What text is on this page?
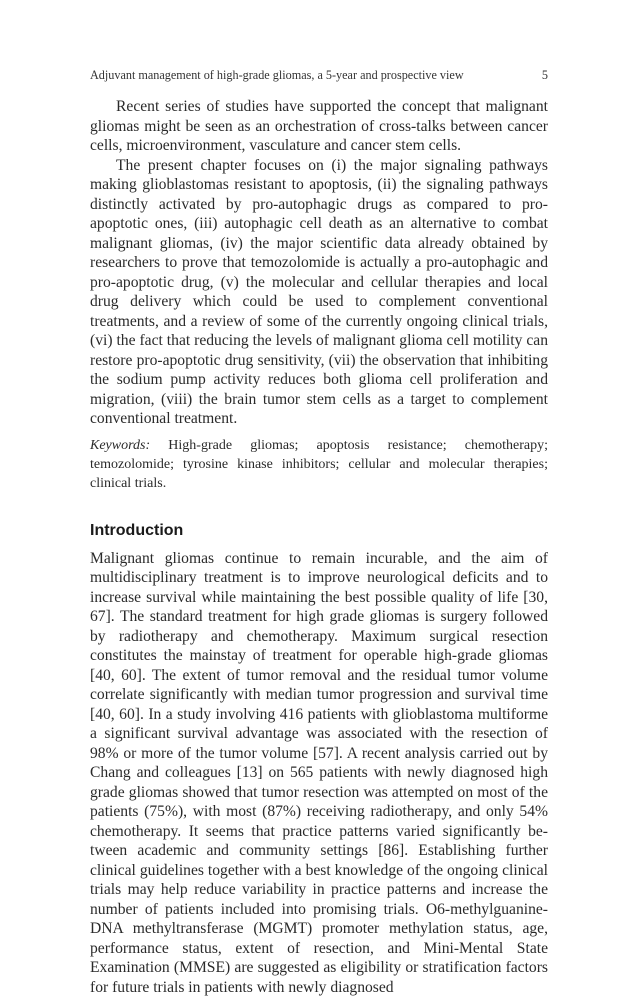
Adjuvant management of high-grade gliomas, a 5-year and prospective view	5

Recent series of studies have supported the concept that malignant gliomas might be seen as an orchestration of cross-talks between cancer cells, microenvironment, vasculature and cancer stem cells.

The present chapter focuses on (i) the major signaling pathways making glioblastomas resistant to apoptosis, (ii) the signaling pathways distinctly activated by pro-autophagic drugs as compared to pro-apoptotic ones, (iii) autophagic cell death as an alternative to combat malignant gliomas, (iv) the major scientific data already obtained by researchers to prove that temozolomide is actually a pro-autophagic and pro-apoptotic drug, (v) the molecular and cellular therapies and local drug delivery which could be used to complement conventional treatments, and a review of some of the currently ongoing clinical trials, (vi) the fact that reducing the levels of malignant glioma cell motility can restore pro-apoptotic drug sensitivity, (vii) the observation that inhibiting the sodium pump activity reduces both glioma cell proliferation and migration, (viii) the brain tumor stem cells as a target to complement conventional treatment.

Keywords: High-grade gliomas; apoptosis resistance; chemotherapy; temozolomide; tyrosine kinase inhibitors; cellular and molecular therapies; clinical trials.

Introduction

Malignant gliomas continue to remain incurable, and the aim of multidisciplinary treatment is to improve neurological deficits and to increase survival while maintaining the best possible quality of life [30, 67]. The standard treatment for high grade gliomas is surgery followed by radiotherapy and chemotherapy. Maximum surgical resection constitutes the mainstay of treatment for operable high-grade gliomas [40, 60]. The extent of tumor removal and the residual tumor volume correlate significantly with median tumor progression and survival time [40, 60]. In a study involving 416 patients with glioblastoma multiforme a significant survival advantage was associated with the resection of 98% or more of the tumor volume [57]. A recent analysis carried out by Chang and colleagues [13] on 565 patients with newly diagnosed high grade gliomas showed that tumor resection was attempted on most of the patients (75%), with most (87%) receiving radiotherapy, and only 54% chemotherapy. It seems that practice patterns varied significantly between academic and community settings [86]. Establishing further clinical guidelines together with a best knowledge of the ongoing clinical trials may help reduce variability in practice patterns and increase the number of patients included into promising trials. O6-methylguanine-DNA methyltransferase (MGMT) promoter methylation status, age, performance status, extent of resection, and Mini-Mental State Examination (MMSE) are suggested as eligibility or stratification factors for future trials in patients with newly diagnosed
